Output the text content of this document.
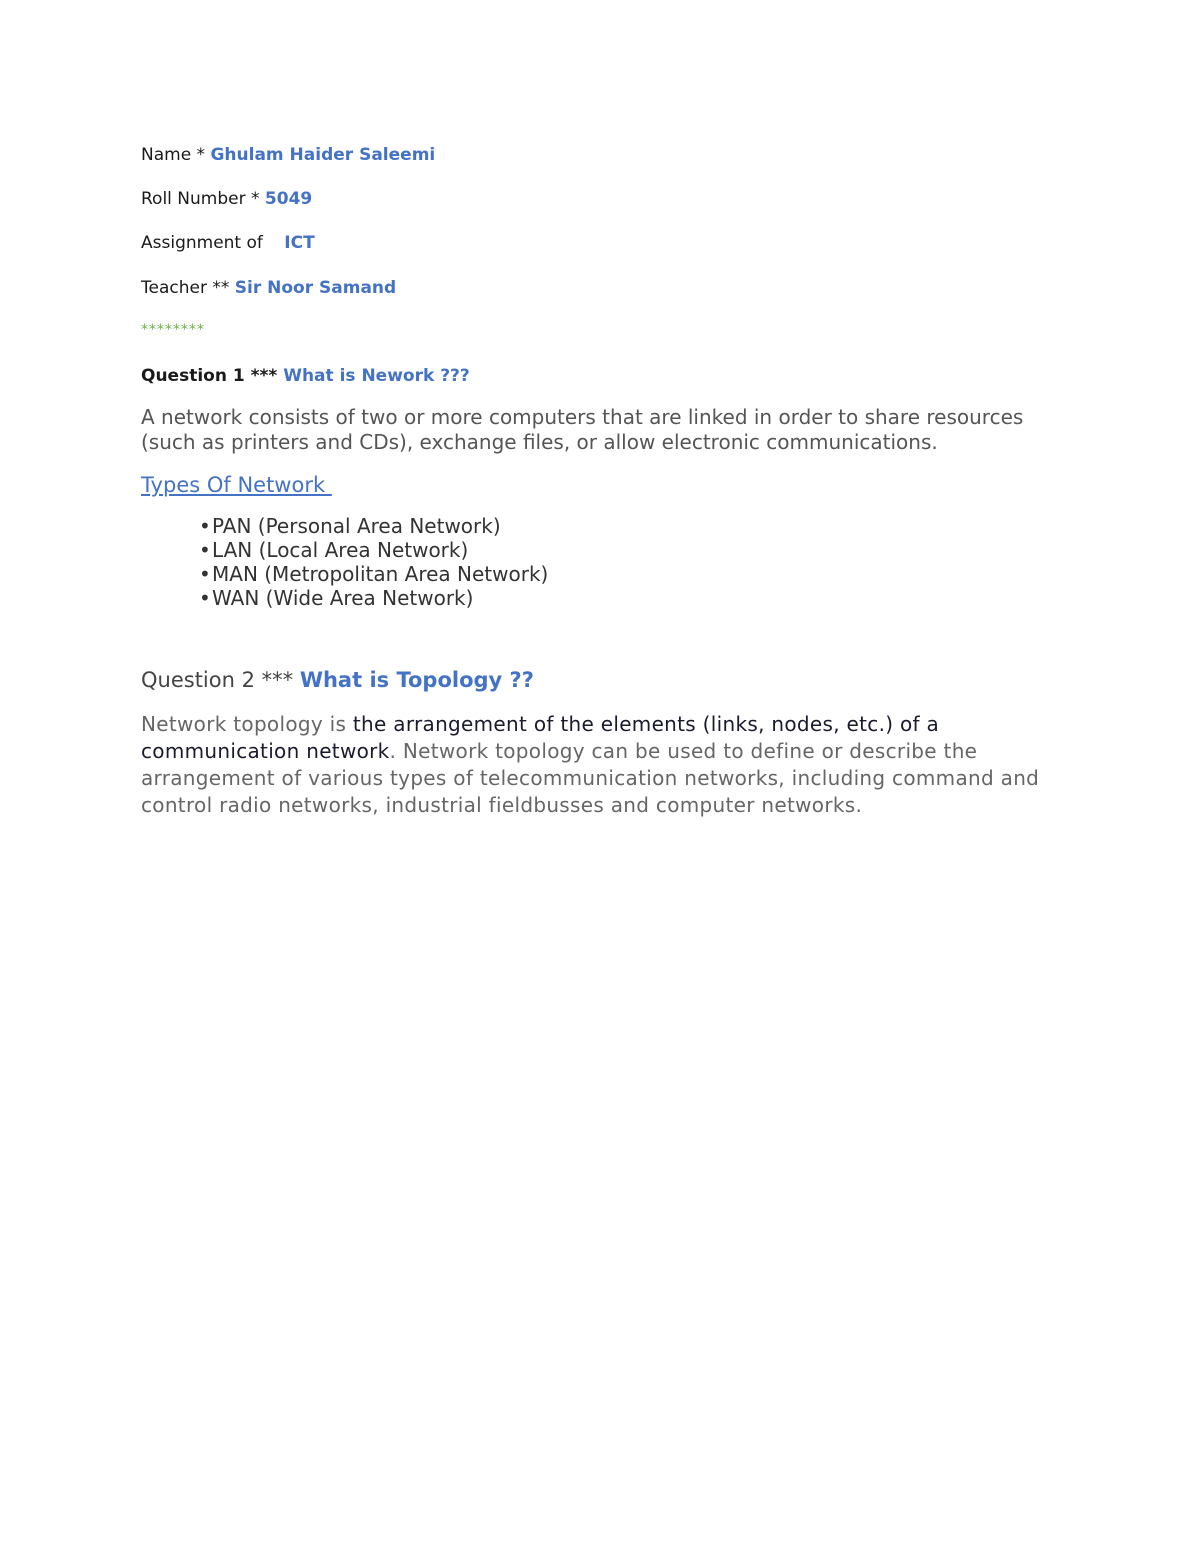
Name * Ghulam Haider Saleemi
Roll Number * 5049
Assignment of ICT
Teacher ** Sir Noor Samand
********
Question 1 *** What is Nework ???

A network consists of two or more computers that are linked in order to share resources (such as printers and CDs), exchange files, or allow electronic communications.

Types Of Network
•PAN (Personal Area Network)
•LAN (Local Area Network)
•MAN (Metropolitan Area Network)
•WAN (Wide Area Network)
Question 2 *** What is Topology ??

Network topology is the arrangement of the elements (links, nodes, etc.) of a communication network. Network topology can be used to define or describe the arrangement of various types of telecommunication networks, including command and control radio networks, industrial fieldbusses and computer networks.
